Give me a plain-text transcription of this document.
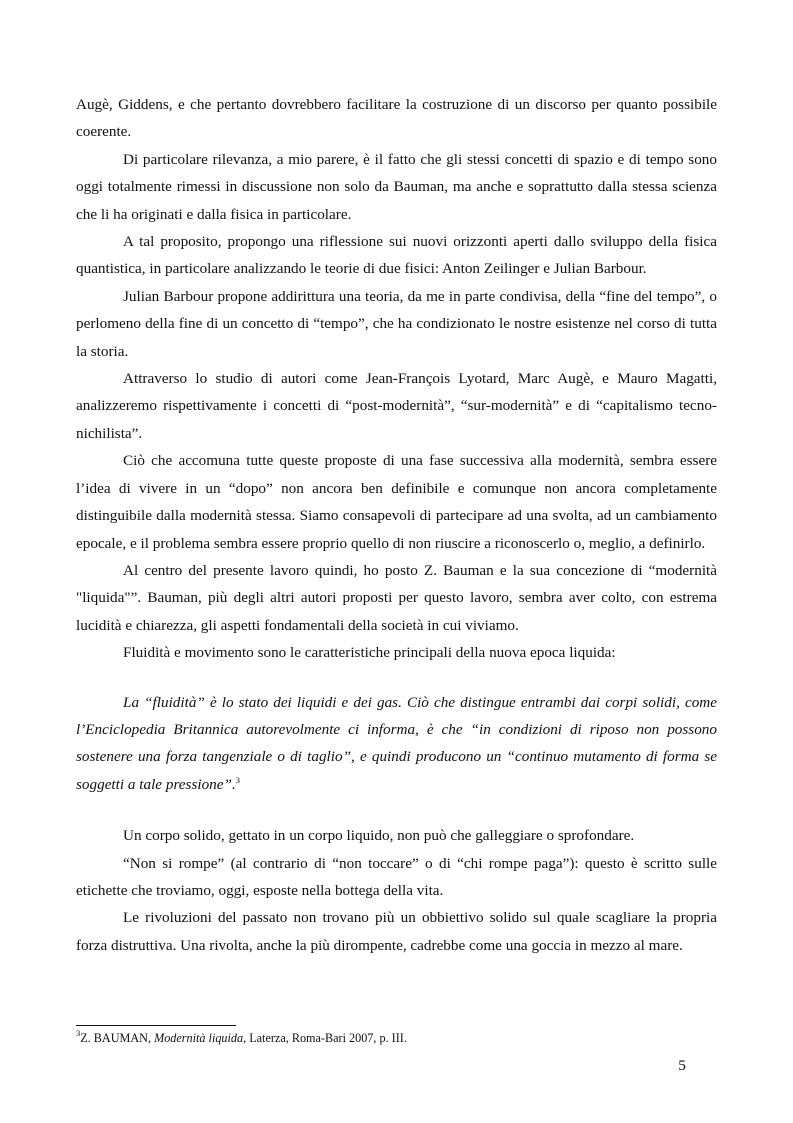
Augè, Giddens, e che pertanto dovrebbero facilitare la costruzione di un discorso per quanto possibile coerente.

Di particolare rilevanza, a mio parere, è il fatto che gli stessi concetti di spazio e di tempo sono oggi totalmente rimessi in discussione non solo da Bauman, ma anche e soprattutto dalla stessa scienza che li ha originati e dalla fisica in particolare.

A tal proposito, propongo una riflessione sui nuovi orizzonti aperti dallo sviluppo della fisica quantistica, in particolare analizzando le teorie di due fisici: Anton Zeilinger e Julian Barbour.

Julian Barbour propone addirittura una teoria, da me in parte condivisa, della “fine del tempo”, o perlomeno della fine di un concetto di “tempo”, che ha condizionato le nostre esistenze nel corso di tutta la storia.

Attraverso lo studio di autori come Jean-François Lyotard, Marc Augè, e Mauro Magatti, analizzeremo rispettivamente i concetti di “post-modernità”, “sur-modernità” e di “capitalismo tecno-nichilista”.

Ciò che accomuna tutte queste proposte di una fase successiva alla modernità, sembra essere l’idea di vivere in un “dopo” non ancora ben definibile e comunque non ancora completamente distinguibile dalla modernità stessa. Siamo consapevoli di partecipare ad una svolta, ad un cambiamento epocale, e il problema sembra essere proprio quello di non riuscire a riconoscerlo o, meglio, a definirlo.

Al centro del presente lavoro quindi, ho posto Z. Bauman e la sua concezione di “modernità "liquida"”. Bauman, più degli altri autori proposti per questo lavoro, sembra aver colto, con estrema lucidità e chiarezza, gli aspetti fondamentali della società in cui viviamo.

Fluidità e movimento sono le caratteristiche principali della nuova epoca liquida:

La “fluidità” è lo stato dei liquidi e dei gas. Ciò che distingue entrambi dai corpi solidi, come l’Enciclopedia Britannica autorevolmente ci informa, è che “in condizioni di riposo non possono sostenere una forza tangenziale o di taglio”, e quindi producono un “continuo mutamento di forma se soggetti a tale pressione”.$^3$

Un corpo solido, gettato in un corpo liquido, non può che galleggiare o sprofondare.

“Non si rompe” (al contrario di “non toccare” o di “chi rompe paga”): questo è scritto sulle etichette che troviamo, oggi, esposte nella bottega della vita.

Le rivoluzioni del passato non trovano più un obbiettivo solido sul quale scagliare la propria forza distruttiva. Una rivolta, anche la più dirompente, cadrebbe come una goccia in mezzo al mare.

$^3$Z. BAUMAN, Modernità liquida, Laterza, Roma-Bari 2007, p. III.

5
